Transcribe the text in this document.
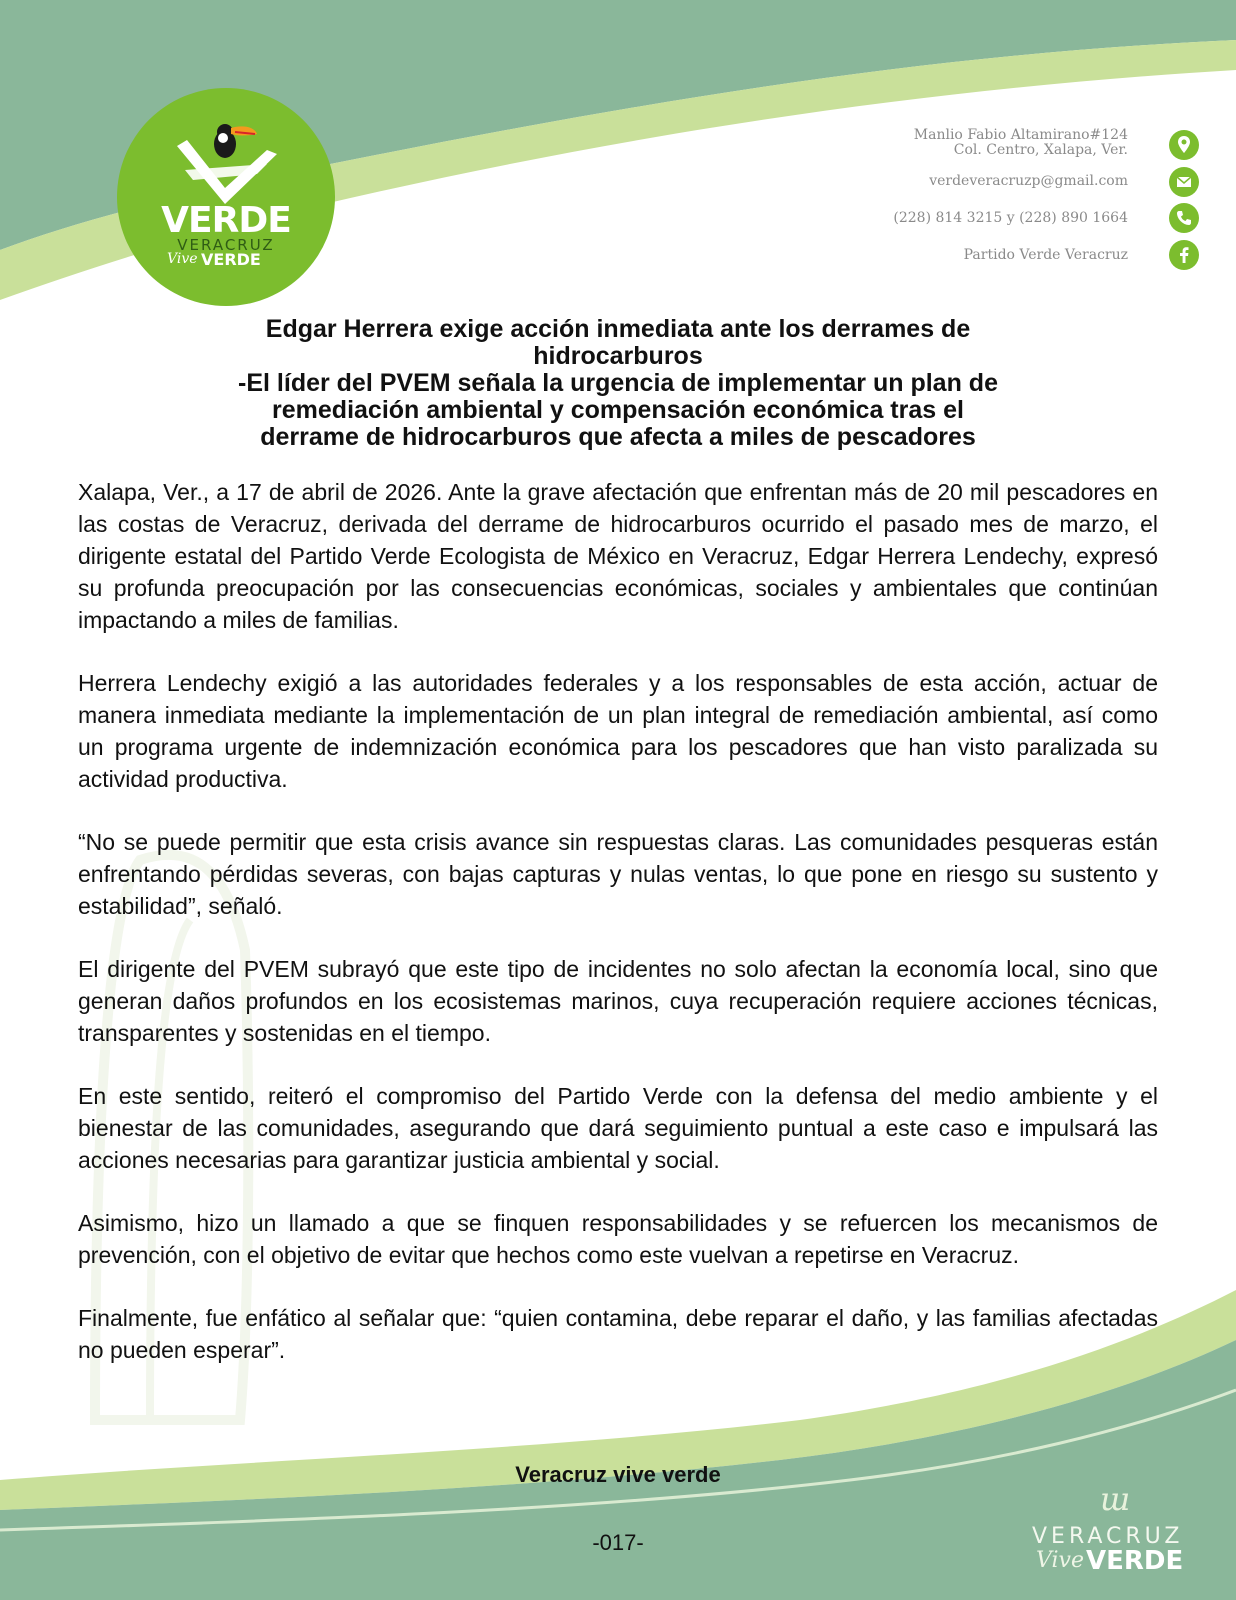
VERDE
VERACRUZ
Vive VERDE
Manlio Fabio Altamirano#124
Col. Centro, Xalapa, Ver.
verdeveracruzp@gmail.com
(228) 814 3215 y (228) 890 1664
Partido Verde Veracruz
Edgar Herrera exige acción inmediata ante los derrames de
hidrocarburos
-El líder del PVEM señala la urgencia de implementar un plan de
remediación ambiental y compensación económica tras el
derrame de hidrocarburos que afecta a miles de pescadores

Xalapa, Ver., a 17 de abril de 2026. Ante la grave afectación que enfrentan más de 20 mil pescadores en las costas de Veracruz, derivada del derrame de hidrocarburos ocurrido el pasado mes de marzo, el dirigente estatal del Partido Verde Ecologista de México en Veracruz, Edgar Herrera Lendechy, expresó su profunda preocupación por las consecuencias económicas, sociales y ambientales que continúan impactando a miles de familias.

Herrera Lendechy exigió a las autoridades federales y a los responsables de esta acción, actuar de manera inmediata mediante la implementación de un plan integral de remediación ambiental, así como un programa urgente de indemnización económica para los pescadores que han visto paralizada su actividad productiva.

“No se puede permitir que esta crisis avance sin respuestas claras. Las comunidades pesqueras están enfrentando pérdidas severas, con bajas capturas y nulas ventas, lo que pone en riesgo su sustento y estabilidad”, señaló.

El dirigente del PVEM subrayó que este tipo de incidentes no solo afectan la economía local, sino que generan daños profundos en los ecosistemas marinos, cuya recuperación requiere acciones técnicas, transparentes y sostenidas en el tiempo.

En este sentido, reiteró el compromiso del Partido Verde con la defensa del medio ambiente y el bienestar de las comunidades, asegurando que dará seguimiento puntual a este caso e impulsará las acciones necesarias para garantizar justicia ambiental y social.

Asimismo, hizo un llamado a que se finquen responsabilidades y se refuercen los mecanismos de prevención, con el objetivo de evitar que hechos como este vuelvan a repetirse en Veracruz.

Finalmente, fue enfático al señalar que: “quien contamina, debe reparar el daño, y las familias afectadas no pueden esperar”.

Veracruz vive verde
-017-
ɯ
VERACRUZ
Vive VERDE
